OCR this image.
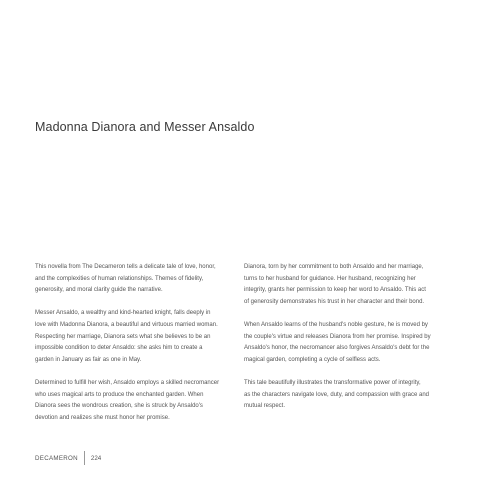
Madonna Dianora and Messer Ansaldo

This novella from The Decameron tells a delicate tale of love, honor,
and the complexities of human relationships. Themes of fidelity,
generosity, and moral clarity guide the narrative.

Messer Ansaldo, a wealthy and kind-hearted knight, falls deeply in
love with Madonna Dianora, a beautiful and virtuous married woman.
Respecting her marriage, Dianora sets what she believes to be an
impossible condition to deter Ansaldo: she asks him to create a
garden in January as fair as one in May.

Determined to fulfill her wish, Ansaldo employs a skilled necromancer
who uses magical arts to produce the enchanted garden. When
Dianora sees the wondrous creation, she is struck by Ansaldo's
devotion and realizes she must honor her promise.

Dianora, torn by her commitment to both Ansaldo and her marriage,
turns to her husband for guidance. Her husband, recognizing her
integrity, grants her permission to keep her word to Ansaldo. This act
of generosity demonstrates his trust in her character and their bond.

When Ansaldo learns of the husband's noble gesture, he is moved by
the couple's virtue and releases Dianora from her promise. Inspired by
Ansaldo's honor, the necromancer also forgives Ansaldo's debt for the
magical garden, completing a cycle of selfless acts.

This tale beautifully illustrates the transformative power of integrity,
as the characters navigate love, duty, and compassion with grace and
mutual respect.

DECAMERON	224
